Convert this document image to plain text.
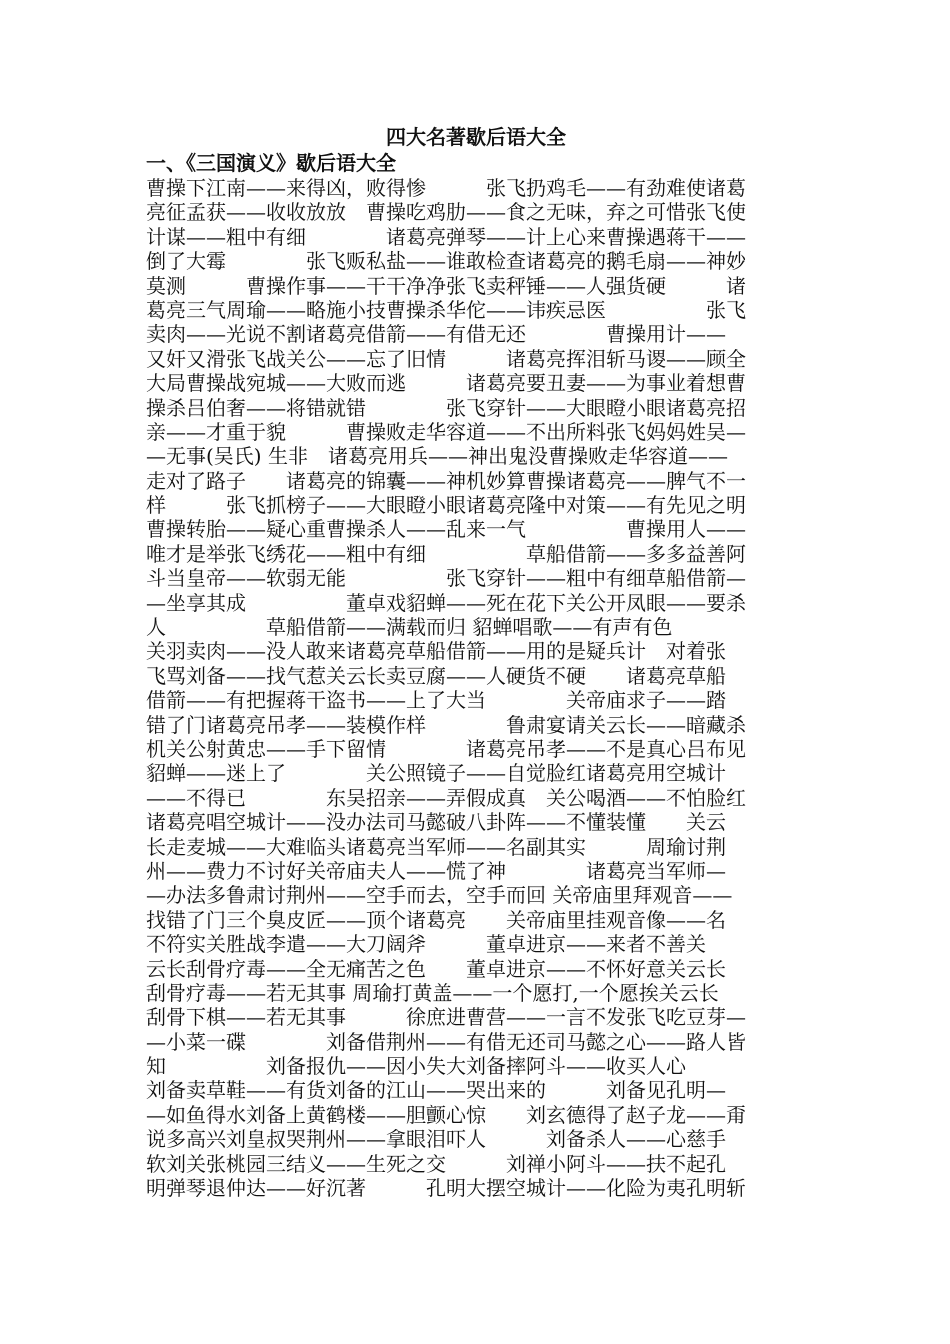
四大名著歇后语大全
一、《三国演义》歇后语大全
曹操下江南——来得凶，败得惨　　　张飞扔鸡毛——有劲难使诸葛
亮征孟获——收收放放　曹操吃鸡肋——食之无味，弃之可惜张飞使
计谋——粗中有细　　　　诸葛亮弹琴——计上心来曹操遇蒋干——
倒了大霉　　　　张飞贩私盐——谁敢检查诸葛亮的鹅毛扇——神妙
莫测　　　曹操作事——干干净净张飞卖秤锤——人强货硬　　　诸
葛亮三气周瑜——略施小技曹操杀华佗——讳疾忌医　　　　　张飞
卖肉——光说不割诸葛亮借箭——有借无还　　　　曹操用计——
又奸又滑张飞战关公——忘了旧情　　　诸葛亮挥泪斩马谡——顾全
大局曹操战宛城——大败而逃　　　诸葛亮要丑妻——为事业着想曹
操杀吕伯奢——将错就错　　　　张飞穿针——大眼瞪小眼诸葛亮招
亲——才重于貌　　　曹操败走华容道——不出所料张飞妈妈姓吴—
—无事(吴氏) 生非　诸葛亮用兵——神出鬼没曹操败走华容道——
走对了路子　　诸葛亮的锦囊——神机妙算曹操诸葛亮——脾气不一
样　　　张飞抓榜子——大眼瞪小眼诸葛亮隆中对策——有先见之明
曹操转胎——疑心重曹操杀人——乱来一气　　　　　曹操用人——
唯才是举张飞绣花——粗中有细　　　　　草船借箭——多多益善阿
斗当皇帝——软弱无能　　　　　张飞穿针——粗中有细草船借箭—
—坐享其成　　　　　董卓戏貂蝉——死在花下关公开凤眼——要杀
人　　　　　草船借箭——满载而归 貂蝉唱歌——有声有色
关羽卖肉——没人敢来诸葛亮草船借箭——用的是疑兵计　对着张
飞骂刘备——找气惹关云长卖豆腐——人硬货不硬　　诸葛亮草船
借箭——有把握蒋干盗书——上了大当　　　　关帝庙求子——踏
错了门诸葛亮吊孝——装模作样　　　　鲁肃宴请关云长——暗藏杀
机关公射黄忠——手下留情　　　　诸葛亮吊孝——不是真心吕布见
貂蝉——迷上了　　　　关公照镜子——自觉脸红诸葛亮用空城计
——不得已　　　　东吴招亲——弄假成真　关公喝酒——不怕脸红
诸葛亮唱空城计——没办法司马懿破八卦阵——不懂装懂　　关云
长走麦城——大难临头诸葛亮当军师——名副其实　　　周瑜讨荆
州——费力不讨好关帝庙夫人——慌了神　　　　诸葛亮当军师—
—办法多鲁肃讨荆州——空手而去，空手而回 关帝庙里拜观音——
找错了门三个臭皮匠——顶个诸葛亮　　关帝庙里挂观音像——名
不符实关胜战李遣——大刀阔斧　　　董卓进京——来者不善关
云长刮骨疗毒——全无痛苦之色　　董卓进京——不怀好意关云长
刮骨疗毒——若无其事 周瑜打黄盖——一个愿打,一个愿挨关云长
刮骨下棋——若无其事　　　徐庶进曹营——一言不发张飞吃豆芽—
—小菜一碟　　　　刘备借荆州——有借无还司马懿之心——路人皆
知　　　　　刘备报仇——因小失大刘备摔阿斗——收买人心
刘备卖草鞋——有货刘备的江山——哭出来的　　　刘备见孔明—
—如鱼得水刘备上黄鹤楼——胆颤心惊　　刘玄德得了赵子龙——甭
说多高兴刘皇叔哭荆州——拿眼泪吓人　　　刘备杀人——心慈手
软刘关张桃园三结义——生死之交　　　刘禅小阿斗——扶不起孔
明弹琴退仲达——好沉著　　　孔明大摆空城计——化险为夷孔明斩
